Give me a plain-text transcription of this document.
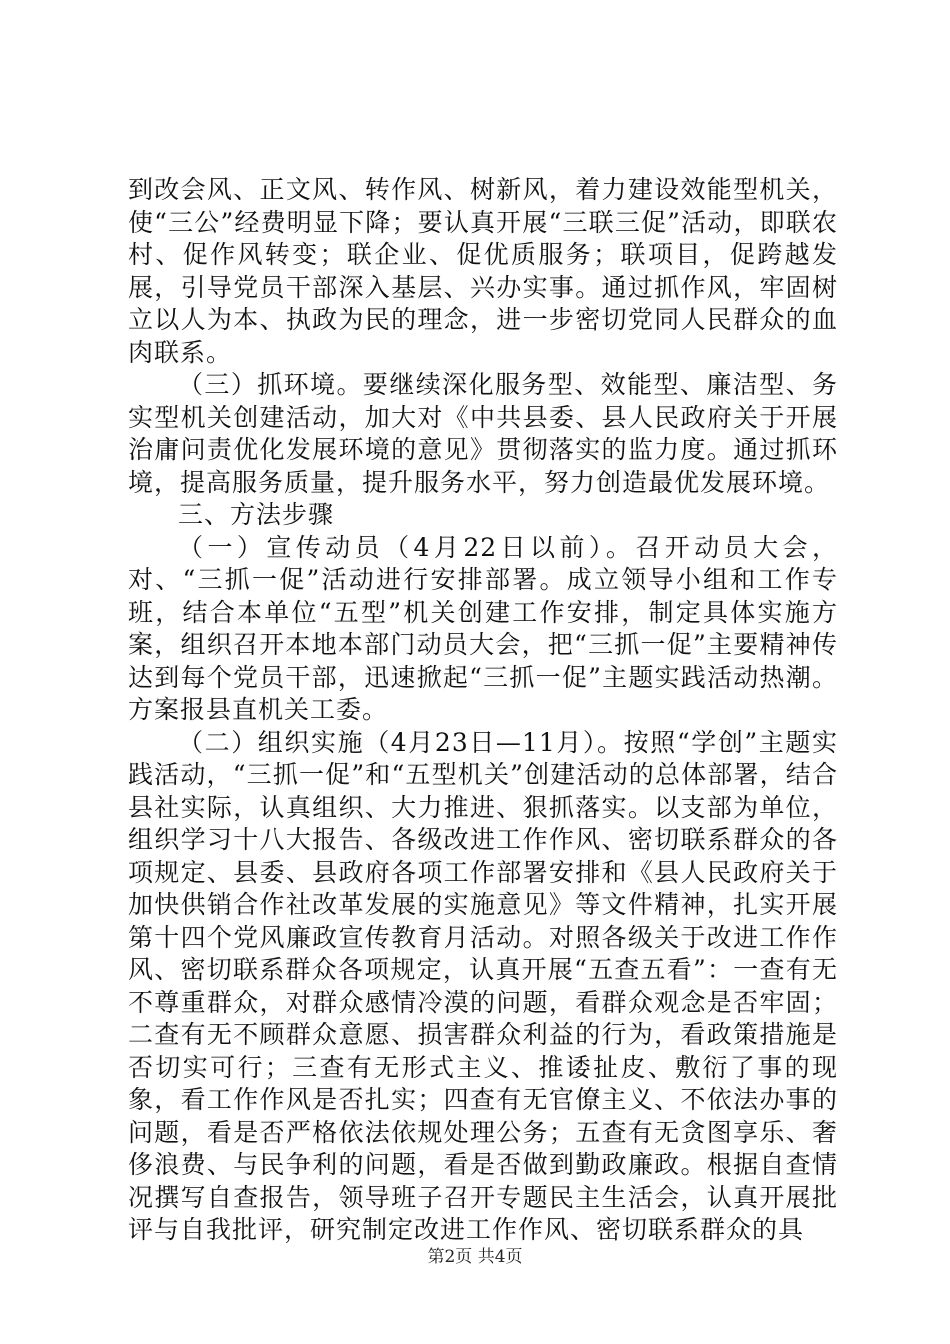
到改会风、正文风、转作风、树新风，着力建设效能型机关，使“三公”经费明显下降；要认真开展“三联三促”活动，即联农村、促作风转变；联企业、促优质服务；联项目，促跨越发展，引导党员干部深入基层、兴办实事。通过抓作风，牢固树立以人为本、执政为民的理念，进一步密切党同人民群众的血肉联系。

（三）抓环境。要继续深化服务型、效能型、廉洁型、务实型机关创建活动，加大对《中共县委、县人民政府关于开展治庸问责优化发展环境的意见》贯彻落实的监力度。通过抓环境，提高服务质量，提升服务水平，努力创造最优发展环境。

三、方法步骤

（一）宣传动员（4月22日以前）。召开动员大会，对、“三抓一促”活动进行安排部署。成立领导小组和工作专班，结合本单位“五型”机关创建工作安排，制定具体实施方案，组织召开本地本部门动员大会，把“三抓一促”主要精神传达到每个党员干部，迅速掀起“三抓一促”主题实践活动热潮。方案报县直机关工委。

（二）组织实施（4月23日—11月）。按照“学创”主题实践活动，“三抓一促”和“五型机关”创建活动的总体部署，结合县社实际，认真组织、大力推进、狠抓落实。以支部为单位，组织学习十八大报告、各级改进工作作风、密切联系群众的各项规定、县委、县政府各项工作部署安排和《县人民政府关于加快供销合作社改革发展的实施意见》等文件精神，扎实开展第十四个党风廉政宣传教育月活动。对照各级关于改进工作作风、密切联系群众各项规定，认真开展“五查五看”：一查有无不尊重群众，对群众感情冷漠的问题，看群众观念是否牢固；二查有无不顾群众意愿、损害群众利益的行为，看政策措施是否切实可行；三查有无形式主义、推诿扯皮、敷衍了事的现象，看工作作风是否扎实；四查有无官僚主义、不依法办事的问题，看是否严格依法依规处理公务；五查有无贪图享乐、奢侈浪费、与民争利的问题，看是否做到勤政廉政。根据自查情况撰写自查报告，领导班子召开专题民主生活会，认真开展批评与自我批评，研究制定改进工作作风、密切联系群众的具

第2页 共4页
